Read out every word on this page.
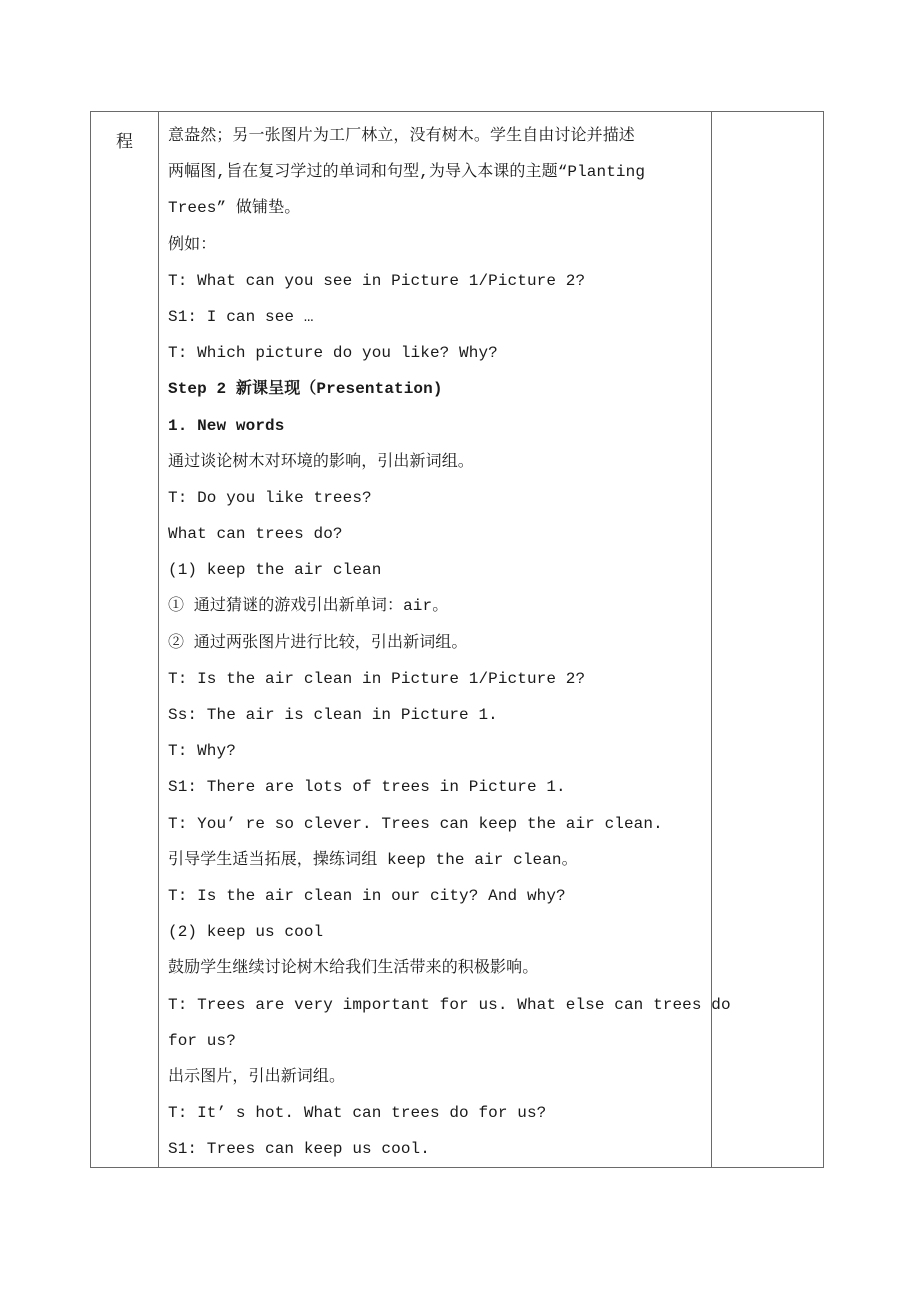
程	意盎然；另一张图片为工厂林立，没有树木。学生自由讨论并描述
两幅图,旨在复习学过的单词和句型,为导入本课的主题“Planting
Trees” 做铺垫。
例如：
T: What can you see in Picture 1/Picture 2?
S1: I can see …
T: Which picture do you like? Why?
Step 2 新课呈现（Presentation)
1. New words
通过谈论树木对环境的影响，引出新词组。
T: Do you like trees?
What can trees do?
(1) keep the air clean
① 通过猜谜的游戏引出新单词：air。
② 通过两张图片进行比较，引出新词组。
T: Is the air clean in Picture 1/Picture 2?
Ss: The air is clean in Picture 1.
T: Why?
S1: There are lots of trees in Picture 1.
T: You’ re so clever. Trees can keep the air clean.
引导学生适当拓展，操练词组 keep the air clean。
T: Is the air clean in our city? And why?
(2) keep us cool
鼓励学生继续讨论树木给我们生活带来的积极影响。
T: Trees are very important for us. What else can trees do
for us?
出示图片，引出新词组。
T: It’ s hot. What can trees do for us?
S1: Trees can keep us cool.
